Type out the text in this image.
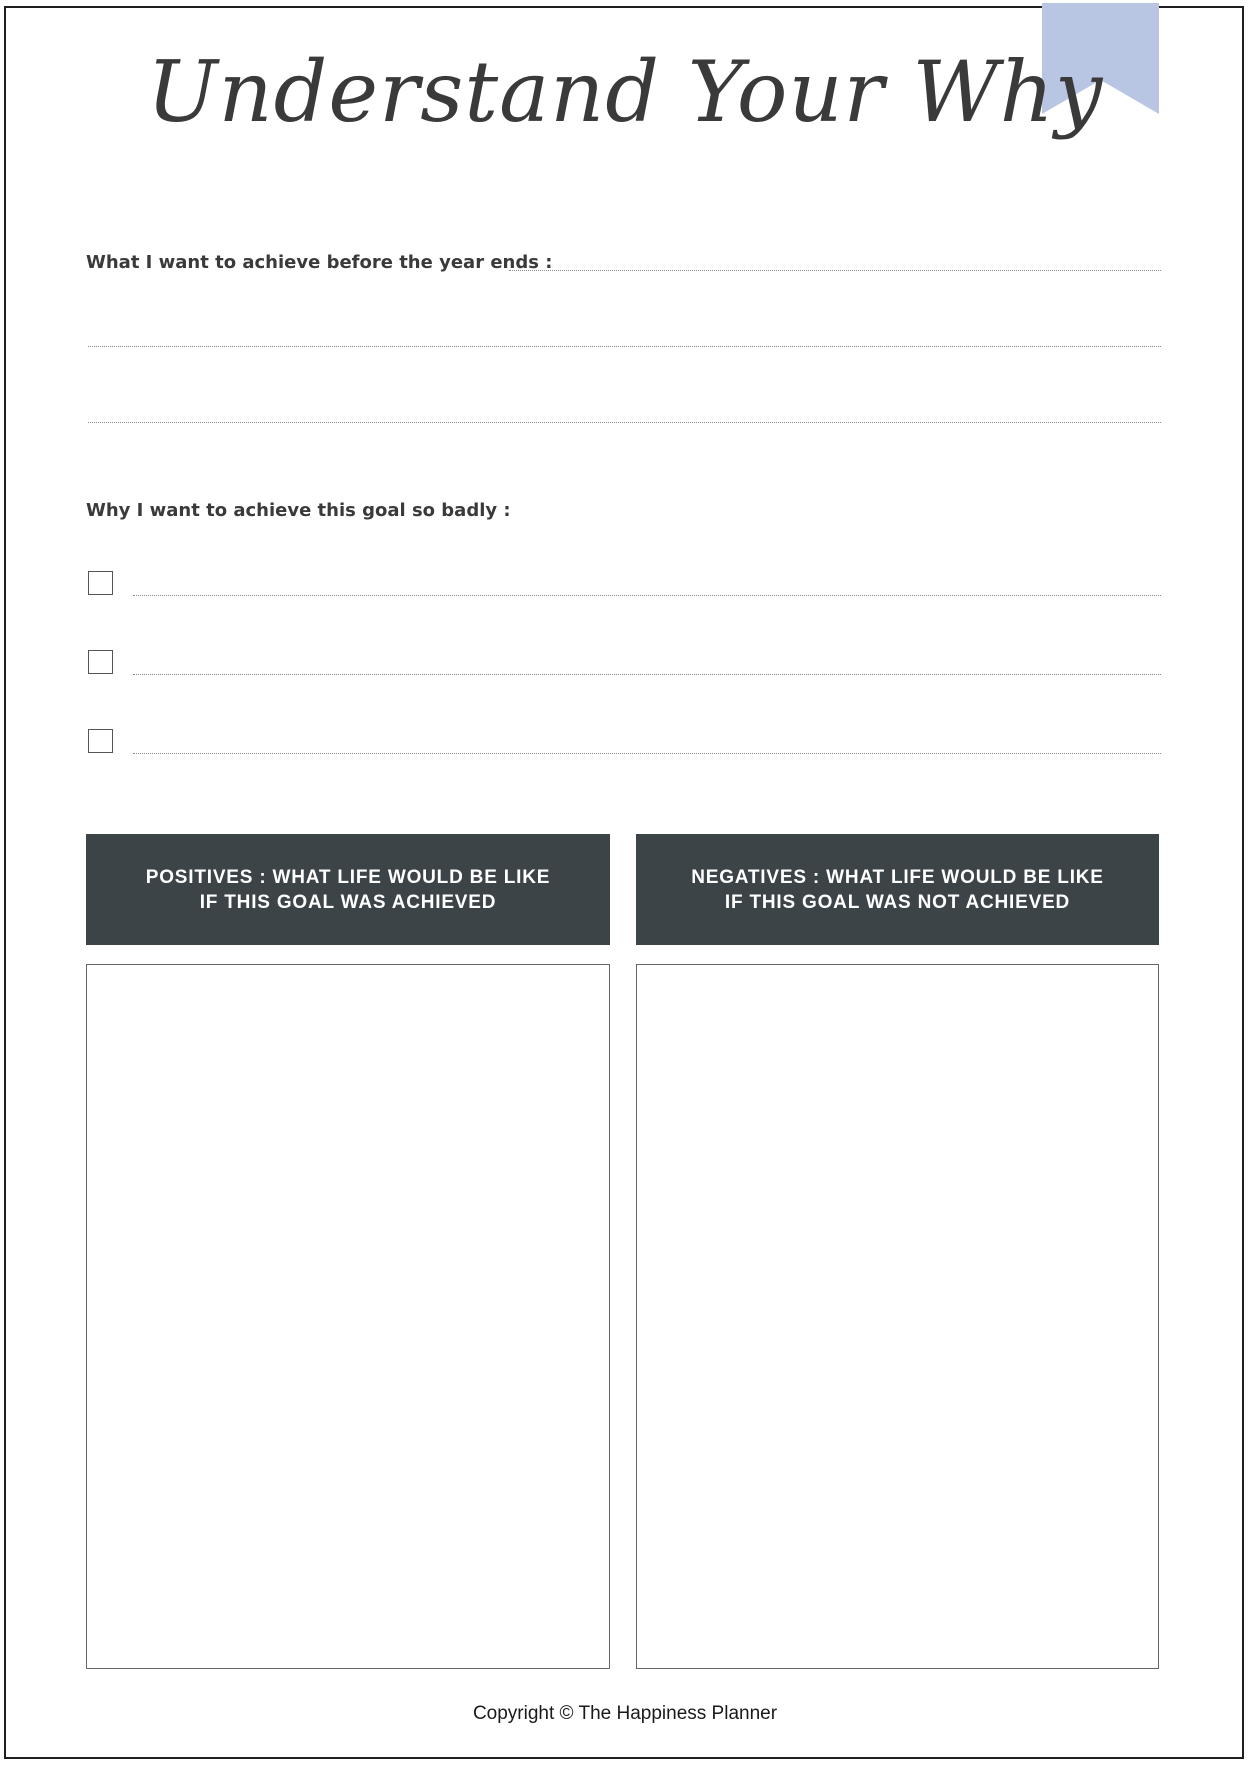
Understand Your Why
What I want to achieve before the year ends :
Why I want to achieve this goal so badly :
POSITIVES : WHAT LIFE WOULD BE LIKE
IF THIS GOAL WAS ACHIEVED
NEGATIVES : WHAT LIFE WOULD BE LIKE
IF THIS GOAL WAS NOT ACHIEVED
Copyright © The Happiness Planner
